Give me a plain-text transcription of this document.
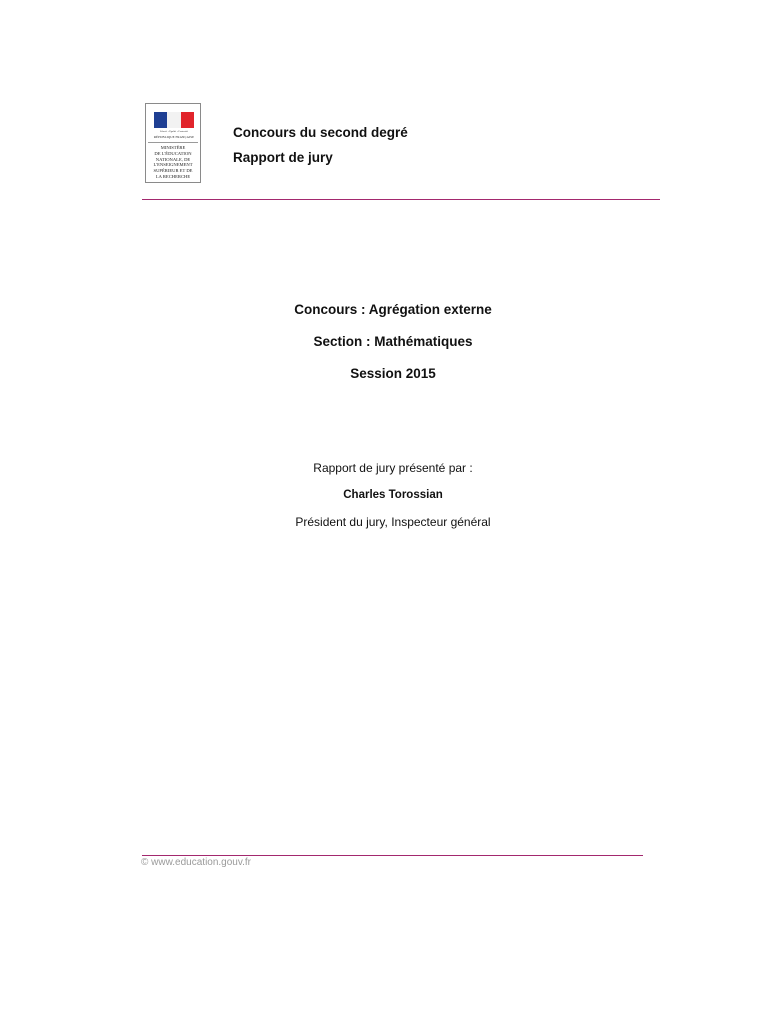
Liberté • Égalité • Fraternité
RÉPUBLIQUE FRANÇAISE
MINISTÈRE
DE L'ÉDUCATION
NATIONALE, DE
L'ENSEIGNEMENT
SUPÉRIEUR ET DE
LA RECHERCHE
Concours du second degré
Rapport de jury
Concours : Agrégation externe
Section : Mathématiques
Session 2015
Rapport de jury présenté par :
Charles Torossian
Président du jury, Inspecteur général
© www.education.gouv.fr
